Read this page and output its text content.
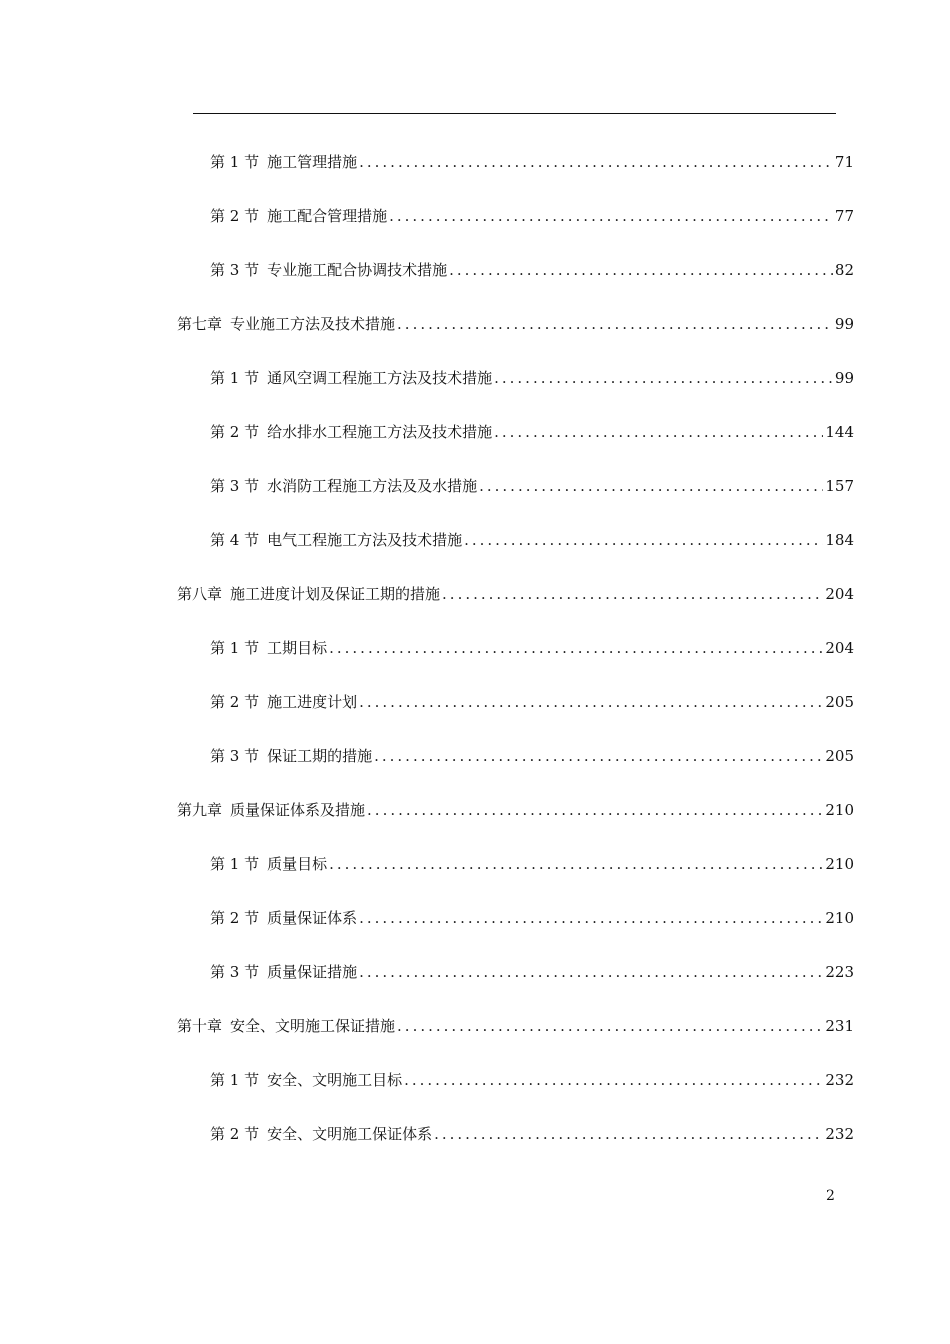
第 1 节 施工管理措施 .....	71
第 2 节 施工配合管理措施 .....	77
第 3 节 专业施工配合协调技术措施 .....	82
第七章 专业施工方法及技术措施 .....	99
第 1 节 通风空调工程施工方法及技术措施 .....	99
第 2 节 给水排水工程施工方法及技术措施 .....	144
第 3 节 水消防工程施工方法及及水措施 .....	157
第 4 节 电气工程施工方法及技术措施 .....	184
第八章 施工进度计划及保证工期的措施 .....	204
第 1 节 工期目标 .....	204
第 2 节 施工进度计划 .....	205
第 3 节 保证工期的措施 .....	205
第九章 质量保证体系及措施 .....	210
第 1 节 质量目标 .....	210
第 2 节 质量保证体系 .....	210
第 3 节 质量保证措施 .....	223
第十章 安全、文明施工保证措施 .....	231
第 1 节 安全、文明施工目标 .....	232
第 2 节 安全、文明施工保证体系 .....	232
2
